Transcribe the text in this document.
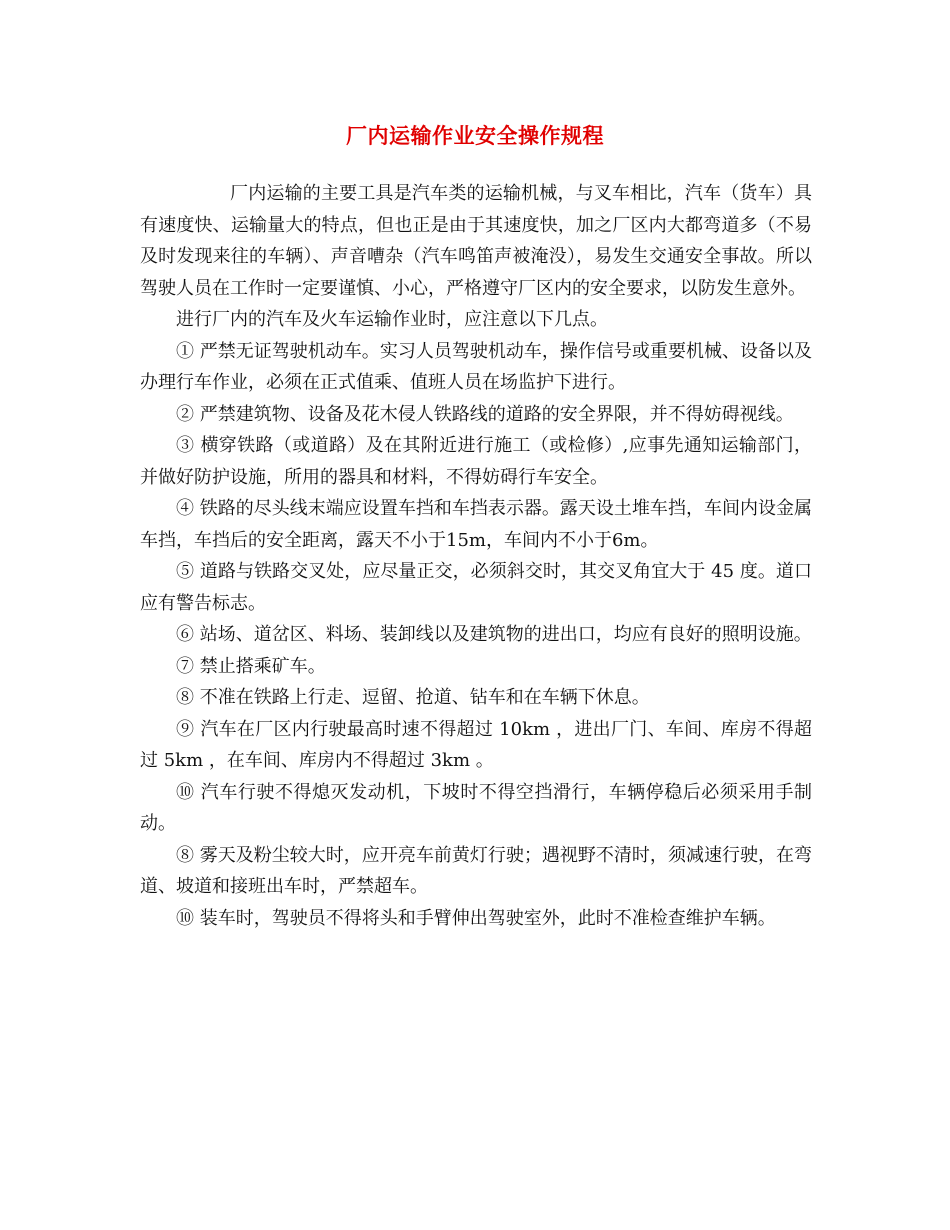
厂内运输作业安全操作规程

厂内运输的主要工具是汽车类的运输机械，与叉车相比，汽车（货车）具有速度快、运输量大的特点，但也正是由于其速度快，加之厂区内大都弯道多（不易及时发现来往的车辆）、声音嘈杂（汽车鸣笛声被淹没），易发生交通安全事故。所以驾驶人员在工作时一定要谨慎、小心，严格遵守厂区内的安全要求，以防发生意外。

进行厂内的汽车及火车运输作业时，应注意以下几点。

① 严禁无证驾驶机动车。实习人员驾驶机动车，操作信号或重要机械、设备以及办理行车作业，必须在正式值乘、值班人员在场监护下进行。

② 严禁建筑物、设备及花木侵人铁路线的道路的安全界限，并不得妨碍视线。

③ 横穿铁路（或道路）及在其附近进行施工（或检修）,应事先通知运输部门，并做好防护设施，所用的器具和材料，不得妨碍行车安全。

④ 铁路的尽头线末端应设置车挡和车挡表示器。露天设土堆车挡，车间内设金属车挡，车挡后的安全距离，露天不小于15m，车间内不小于6m。

⑤ 道路与铁路交叉处，应尽量正交，必须斜交时，其交叉角宜大于 45 度。道口应有警告标志。

⑥ 站场、道岔区、料场、装卸线以及建筑物的进出口，均应有良好的照明设施。

⑦ 禁止搭乘矿车。

⑧ 不准在铁路上行走、逗留、抢道、钻车和在车辆下休息。

⑨ 汽车在厂区内行驶最高时速不得超过 10km ，进出厂门、车间、库房不得超过 5km ，在车间、库房内不得超过 3km 。

⑩ 汽车行驶不得熄灭发动机，下坡时不得空挡滑行，车辆停稳后必须采用手制动。

⑧ 雾天及粉尘较大时，应开亮车前黄灯行驶；遇视野不清时，须减速行驶，在弯道、坡道和接班出车时，严禁超车。

⑩ 装车时，驾驶员不得将头和手臂伸出驾驶室外，此时不准检查维护车辆。
